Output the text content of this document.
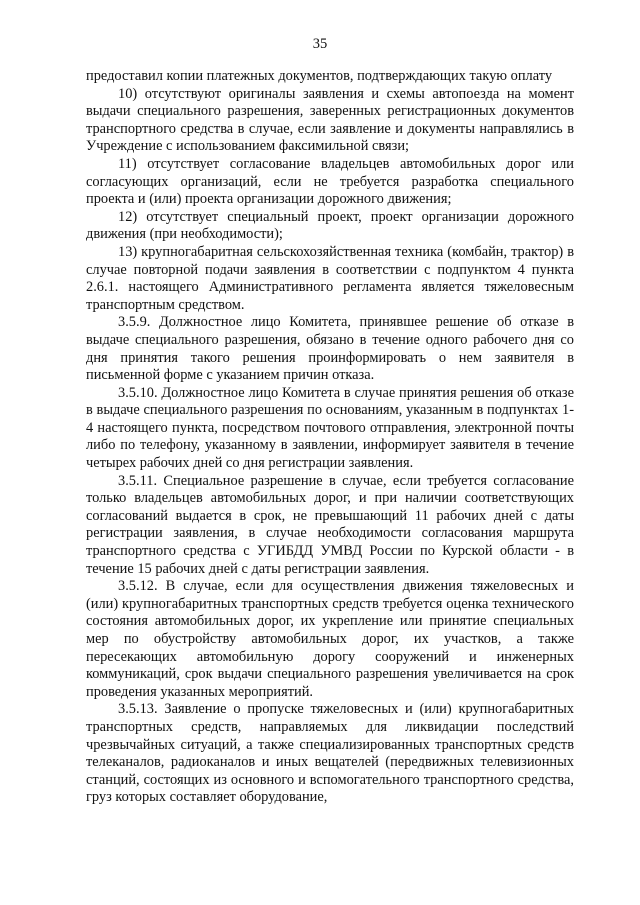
35

предоставил копии платежных документов, подтверждающих такую оплату

10) отсутствуют оригиналы заявления и схемы автопоезда на момент выдачи специального разрешения, заверенных регистрационных документов транспортного средства в случае, если заявление и документы направлялись в Учреждение с использованием факсимильной связи;

11) отсутствует согласование владельцев автомобильных дорог или согласующих организаций, если не требуется разработка специального проекта и (или) проекта организации дорожного движения;

12) отсутствует специальный проект, проект организации дорожного движения (при необходимости);

13) крупногабаритная сельскохозяйственная техника (комбайн, трактор) в случае повторной подачи заявления в соответствии с подпунктом 4 пункта 2.6.1. настоящего Административного регламента является тяжеловесным транспортным средством.

3.5.9. Должностное лицо Комитета, принявшее решение об отказе в выдаче специального разрешения, обязано в течение одного рабочего дня со дня принятия такого решения проинформировать о нем заявителя в письменной форме с указанием причин отказа.

3.5.10. Должностное лицо Комитета в случае принятия решения об отказе в выдаче специального разрешения по основаниям, указанным в подпунктах 1-4 настоящего пункта, посредством почтового отправления, электронной почты либо по телефону, указанному в заявлении, информирует заявителя в течение четырех рабочих дней со дня регистрации заявления.

3.5.11. Специальное разрешение в случае, если требуется согласование только владельцев автомобильных дорог, и при наличии соответствующих согласований выдается в срок, не превышающий 11 рабочих дней с даты регистрации заявления, в случае необходимости согласования маршрута транспортного средства с УГИБДД УМВД России по Курской области - в течение 15 рабочих дней с даты регистрации заявления.

3.5.12. В случае, если для осуществления движения тяжеловесных и (или) крупногабаритных транспортных средств требуется оценка технического состояния автомобильных дорог, их укрепление или принятие специальных мер по обустройству автомобильных дорог, их участков, а также пересекающих автомобильную дорогу сооружений и инженерных коммуникаций, срок выдачи специального разрешения увеличивается на срок проведения указанных мероприятий.

3.5.13. Заявление о пропуске тяжеловесных и (или) крупногабаритных транспортных средств, направляемых для ликвидации последствий чрезвычайных ситуаций, а также специализированных транспортных средств телеканалов, радиоканалов и иных вещателей (передвижных телевизионных станций, состоящих из основного и вспомогательного транспортного средства, груз которых составляет оборудование,
